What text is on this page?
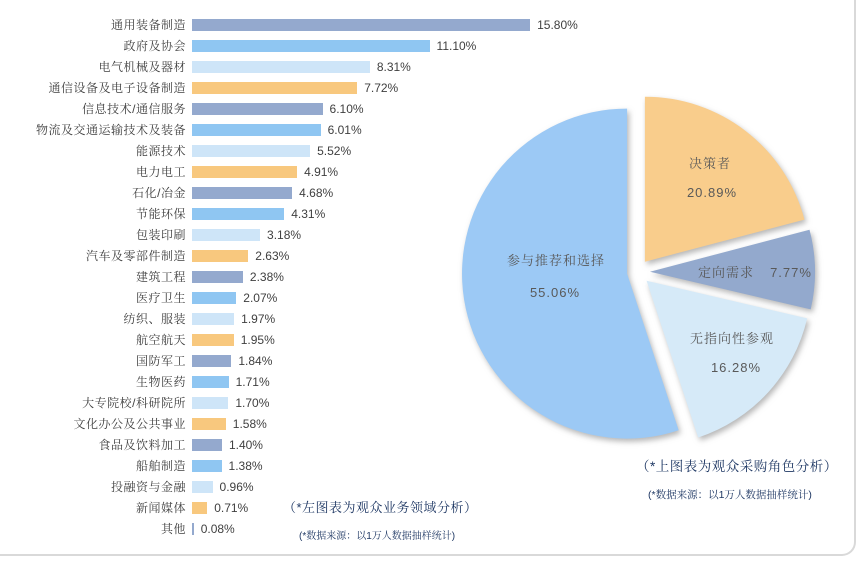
通用装备制造	15.80%
政府及协会	11.10%
电气机械及器材	8.31%
通信设备及电子设备制造	7.72%
信息技术/通信服务	6.10%
物流及交通运输技术及装备	6.01%
能源技术	5.52%
电力电工	4.91%
石化/冶金	4.68%
节能环保	4.31%
包装印刷	3.18%
汽车及零部件制造	2.63%
建筑工程	2.38%
医疗卫生	2.07%
纺织、服装	1.97%
航空航天	1.95%
国防军工	1.84%
生物医药	1.71%
大专院校/科研院所	1.70%
文化办公及公共事业	1.58%
食品及饮料加工	1.40%
船舶制造	1.38%
投融资与金融	0.96%
新闻媒体	0.71%
其他	0.08%
（*左图表为观众业务领域分析）
(*数据来源：以1万人数据抽样统计)
决策者
20.89%
定向需求 7.77%
无指向性参观
16.28%
参与推荐和选择
55.06%
（*上图表为观众采购角色分析）
(*数据来源：以1万人数据抽样统计)
